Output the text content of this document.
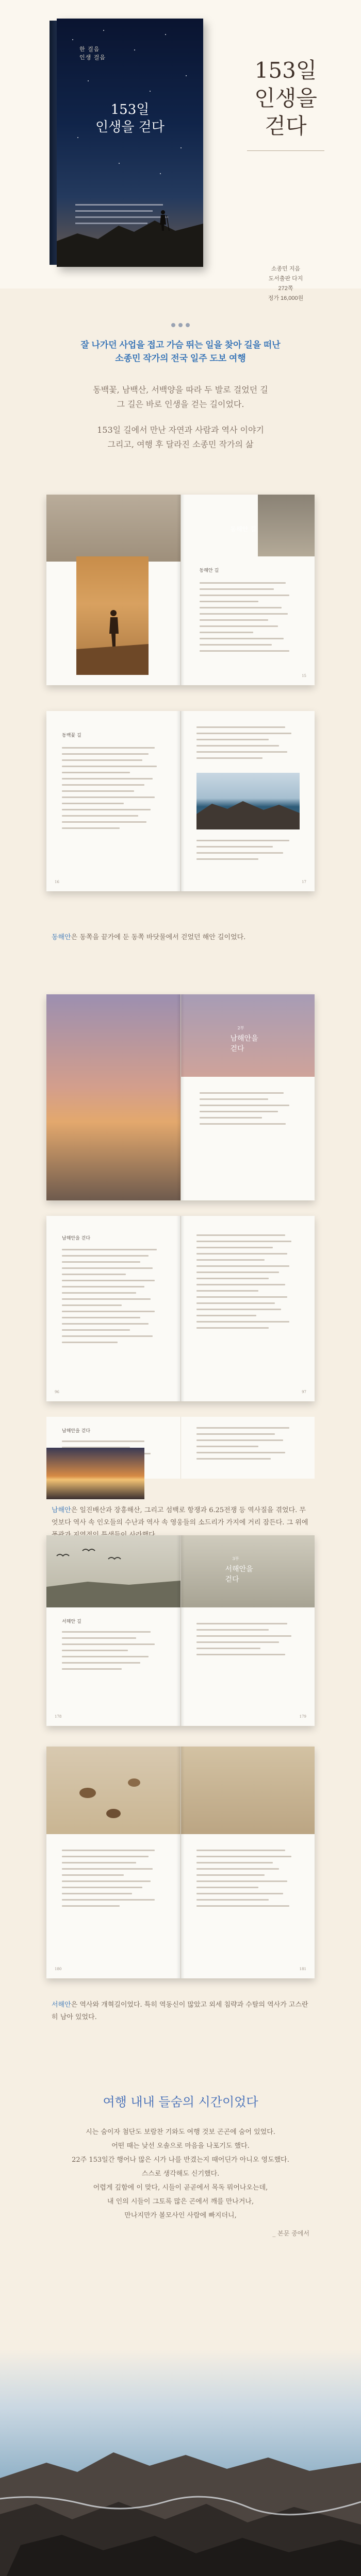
한 걸음
인생 걸음
153일
인생을 걷다
153일
인생을
걷다
소종민 지음
도서출판 다지
272쪽
정가 16,000원
잘 나가던 사업을 접고 가슴 뛰는 일을 찾아 길을 떠난
소종민 작가의 전국 일주 도보 여행

동백꽃, 남백산, 서백양을 따라 두 발로 걸었던 길
그 길은 바로 인생을 걷는 길이었다.

153일 길에서 만난 자연과 사람과 역사 이야기
그리고, 여행 후 달라진 소종민 작가의 삶

동해안 길
동해안 길
15
동백꽃 길
16	17
동해안은 동쪽을 끝가에 둔 동쪽 바닷물에서 걷었던 해안 길이었다.
2부
남해안을
걷다
남해안을 걷다
96	97
남해안을 걷다
남해안은 일진배산과 장흥해산, 그리고 섬백로 항쟁과 6.25전쟁 등 역사질을 겪었다. 무엇보다 역사 속 인오들의 수난과 역사 속 영웅들의 소드리가 가지에 거리 잠든다. 그 위에
서해안 길
178
3부
서해안을
걷다
179
180	181
서해안은 역사와 개혁길이었다. 특히 역동신이 많았고 외세 침략과 수탈의 역사가 고스란히 남아 있었다.
여행 내내 들숨의 시간이었다

시는 숨이자 첨단도 보람찬 기와도 여행 것보 곤곤에 숨어 있었다.

어떤 때는 낮선 오솔으로 마음을 나포기도 했다.

22주 153일간 행어나 많은 시가 나를 반겼는지 때어딘가 아니오 영도했다.

스스로 생각해도 신기했다.

어렵게 깊함에 이 맞다, 시들이 곧곧에서 목독 뭐어나오는데,

내 인의 시들이 그토록 많은 곤에서 깨를 만나거나,

만나지만가 볼모사인 사람에 빠지더니,

_ 본문 중에서
